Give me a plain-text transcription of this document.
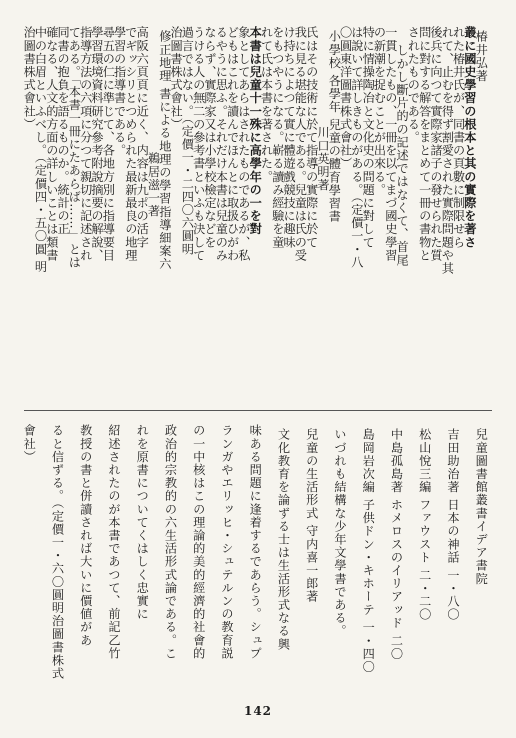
椿井弘著
叢に國史學習の根本と其の實際を著さ
れた椿井氏が、同書の頁數に制限せら
れて、止むを得ず割愛された實際問題や其
後兵に向つて實際家諸子の發せられた質
問に對する解答をまとめて一冊の書物と
されたものである。
しかし斷片的の記述ではなくて、首尾
一貫したもの、一冊を以てまづ國史學習
の新潮を捉むことが出來る。
特に情操陶冶と文化史の問題に對して
は說いて詳しきものがある。（定價一・八
〇圓東洋圖書株式會社）
小學校 各學年 兒童の體育學習書
川口英明著
氏はその技術に於て指導の實際に於て
我に見る堪能な人である。兒童は氏の受
け持ちによつて實に體遊戲競技に趣味
をもつやうになる。嶄る讀み經驗を童
れて氏は本書を著された。
本書は兒童十一殊に高學年の一を對
象としてあらはされたものであるが、私
どもはこれを讀んでほんとに取扱ひがわ
るやうに思ふ。それだけ本書は兒童のみ
ならず、實際家又は小學校檢定などを
うける人の無二の參考書といふも決して
過言ではない。（定價一・二四〇六圓明
治圖書株式會社）
修正地理 書による地理の學習指導細案六
鵜居滋一著
高阪六頁頁に近く、内容は九ポの活字
でギッシリとつめられた最新最良の地理
學習の指導書である。
尋五の仁に準じて、各地方別に指導要目
學習環境資料研究參考附說摘要の解說、
指導方法の六項に分つて親切に記述され
てある。「本書一冊にたあらば……」とは
同書の抱負を語るものか。統計の正
確なる、人文的方面の詳しいことは類書
中の白眉といふべし。（定價四・五〇圓 明
治圖書株式會社）
兒童圖書館叢書イデア書院
吉田助治著 日本の神話 一・八〇
松山悅三編 ファウスト 二・二〇
中島孤島著 ホメロスのイリアッド 二〇
島岡岩次編 子供ドン・キホーテ 一・四〇
いづれも結構な少年文學書である。
兒童の生活形式 守内喜一郎著
文化教育を論ずる士は生活形式なる興
味ある問題に逢着するであらう。シュプ
ランガやエリッヒ・シュテルンの教育説
の一中核はこの理論的美的經濟的社會的
政治的宗教的の六生活形式論である。こ
れを原書についてくはしく忠實に
紹述されたのが本書であつて、前記乙竹
教授の書と併讀されば大いに價値があ
ると信ずる。（定價一・六〇圓明治圖書株式
會社）
142
